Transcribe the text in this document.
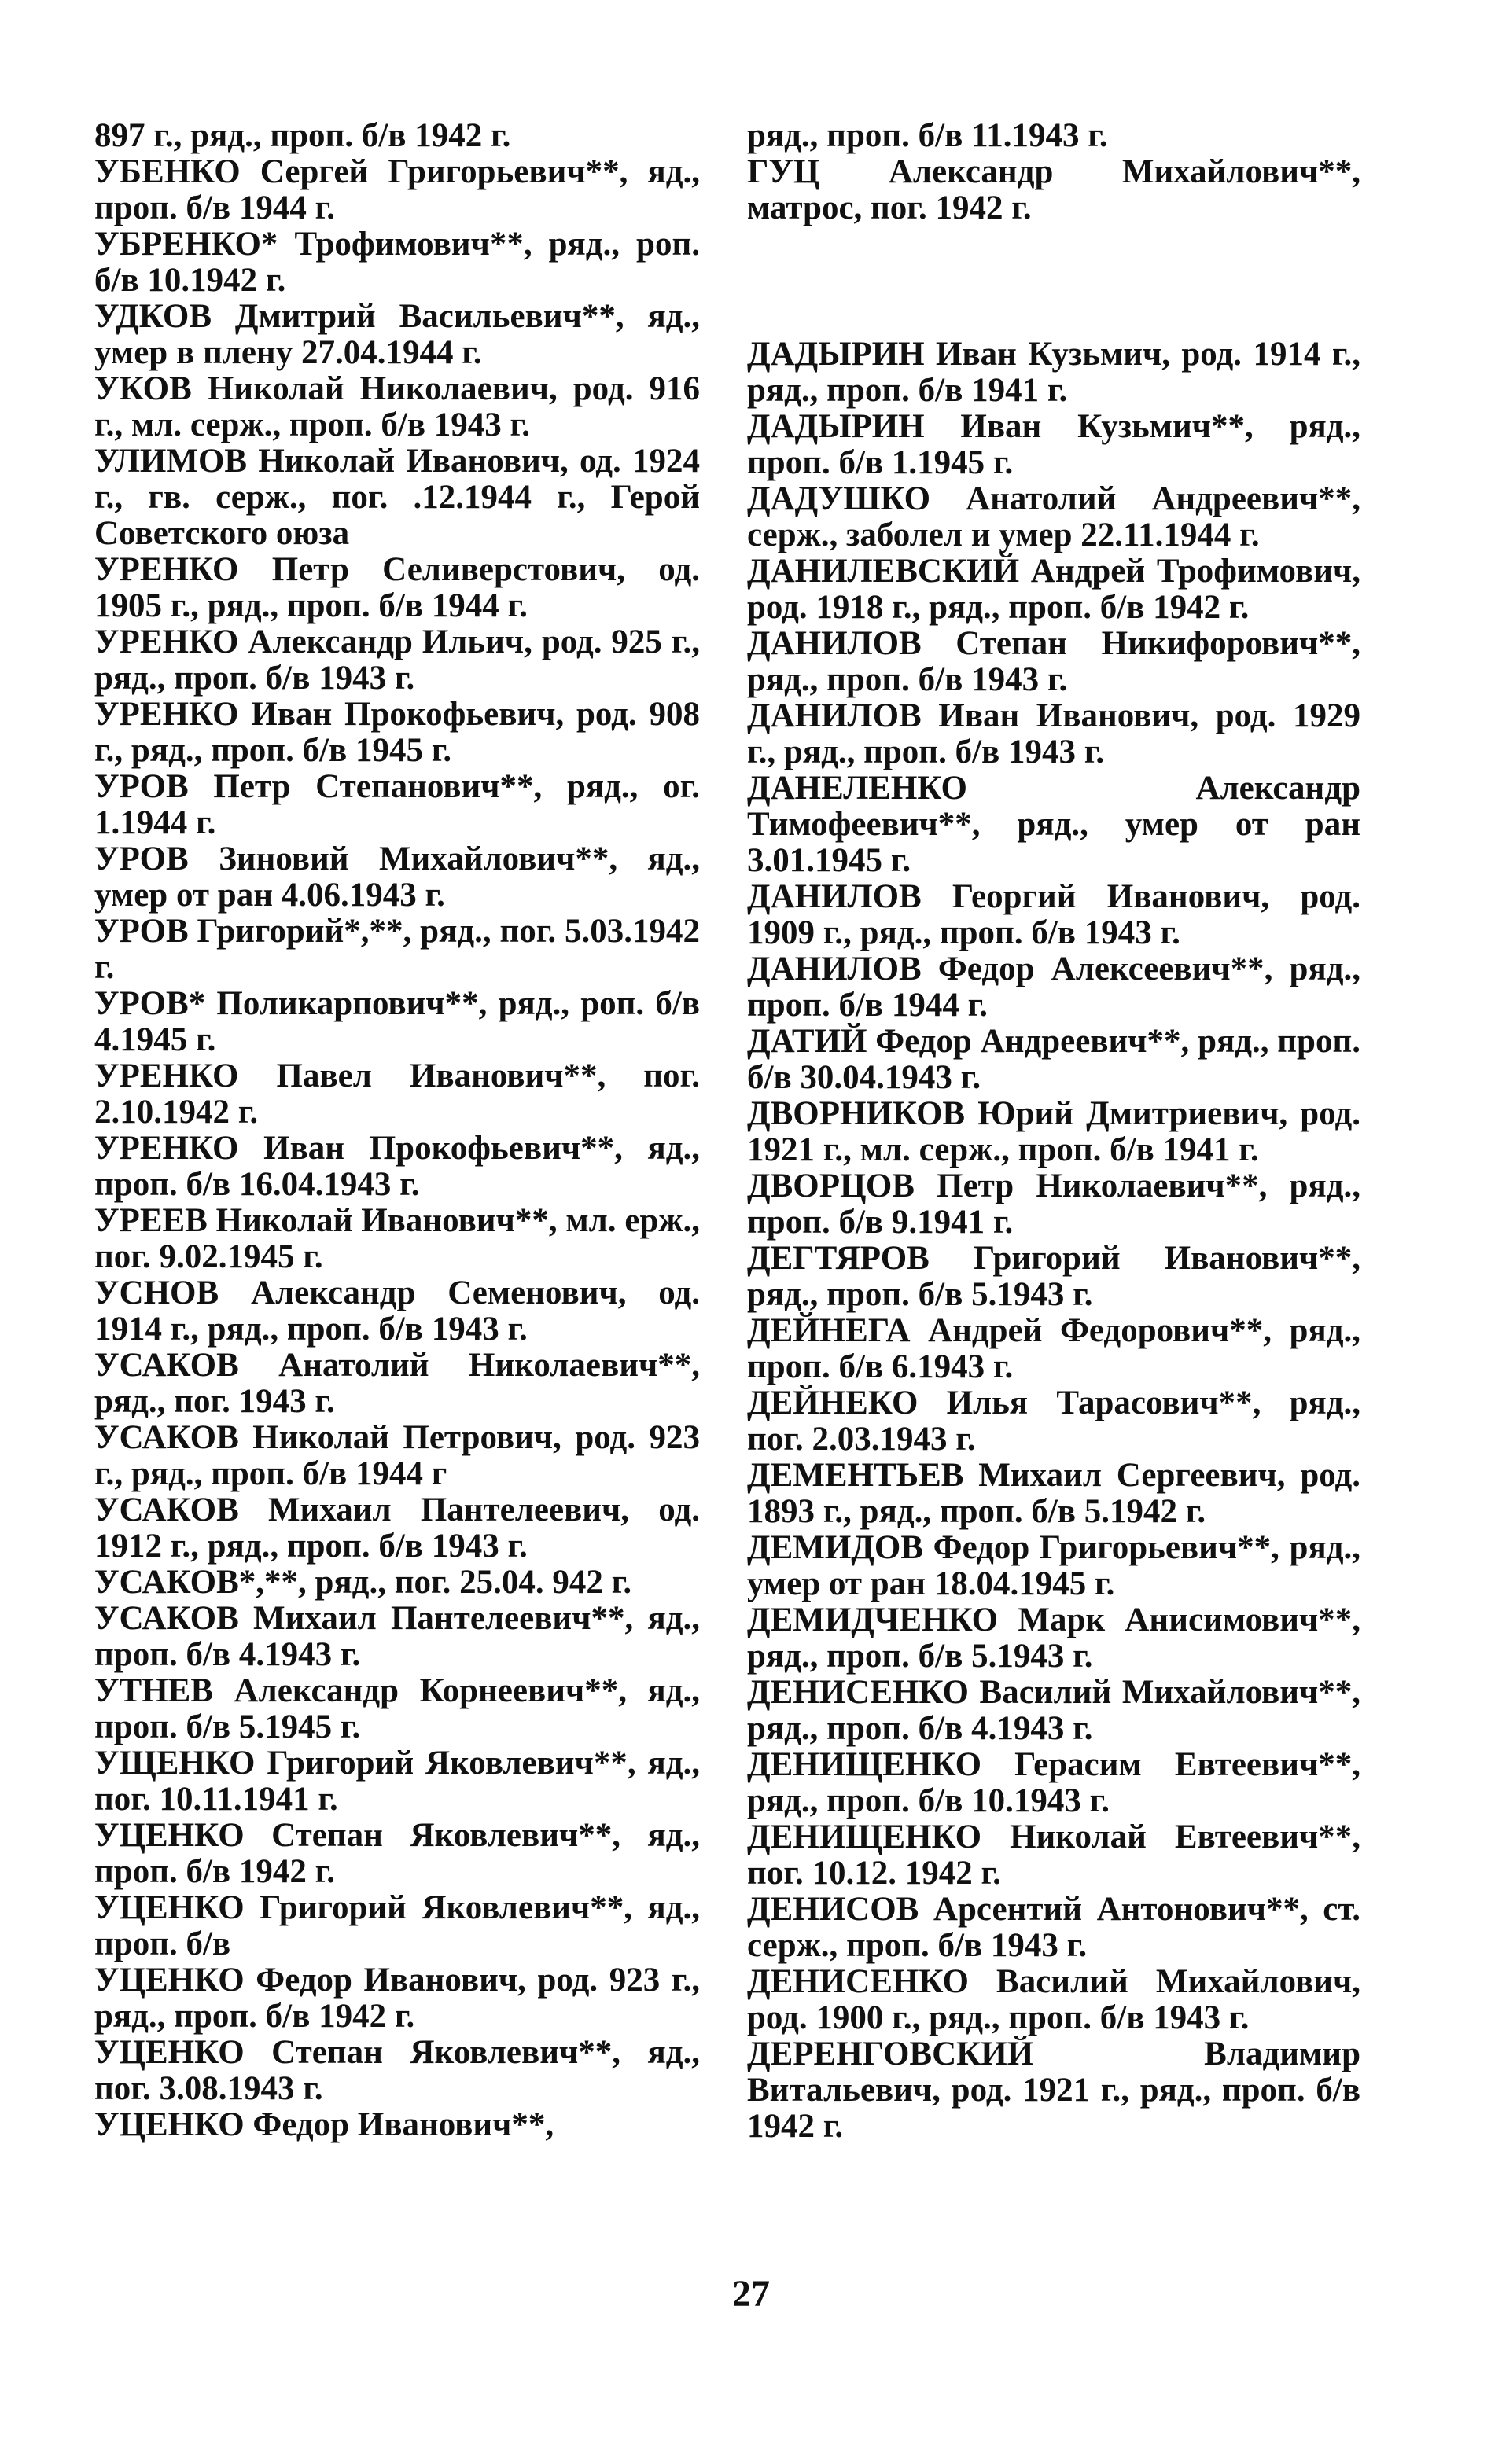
897 г., ряд., проп. б/в 1942 г.

УБЕНКО Сергей Григорьевич**, яд., проп. б/в 1944 г.

УБРЕНКО* Трофимович**, ряд., роп. б/в 10.1942 г.

УДКОВ Дмитрий Васильевич**, яд., умер в плену 27.04.1944 г.

УКОВ Николай Николаевич, род. 916 г., мл. серж., проп. б/в 1943 г.

УЛИМОВ Николай Иванович, од. 1924 г., гв. серж., пог. .12.1944 г., Герой Советского оюза

УРЕНКО Петр Селиверстович, од. 1905 г., ряд., проп. б/в 1944 г.

УРЕНКО Александр Ильич, род. 925 г., ряд., проп. б/в 1943 г.

УРЕНКО Иван Прокофьевич, род. 908 г., ряд., проп. б/в 1945 г.

УРОВ Петр Степанович**, ряд., ог. 1.1944 г.

УРОВ Зиновий Михайлович**, яд., умер от ран 4.06.1943 г.

УРОВ Григорий*,**, ряд., пог. 5.03.1942 г.

УРОВ* Поликарпович**, ряд., роп. б/в 4.1945 г.

УРЕНКО Павел Иванович**, пог. 2.10.1942 г.

УРЕНКО Иван Прокофьевич**, яд., проп. б/в 16.04.1943 г.

УРЕЕВ Николай Иванович**, мл. ерж., пог. 9.02.1945 г.

УСНОВ Александр Семенович, од. 1914 г., ряд., проп. б/в 1943 г.

УСАКОВ Анатолий Николаевич**, ряд., пог. 1943 г.

УСАКОВ Николай Петрович, род. 923 г., ряд., проп. б/в 1944 г

УСАКОВ Михаил Пантелеевич, од. 1912 г., ряд., проп. б/в 1943 г.

УСАКОВ*,**, ряд., пог. 25.04. 942 г.

УСАКОВ Михаил Пантелеевич**, яд., проп. б/в 4.1943 г.

УТНЕВ Александр Корнеевич**, яд., проп. б/в 5.1945 г.

УЩЕНКО Григорий Яковлевич**, яд., пог. 10.11.1941 г.

УЦЕНКО Степан Яковлевич**, яд., проп. б/в 1942 г.

УЦЕНКО Григорий Яковлевич**, яд., проп. б/в

УЦЕНКО Федор Иванович, род. 923 г., ряд., проп. б/в 1942 г.

УЦЕНКО Степан Яковлевич**, яд., пог. 3.08.1943 г.

УЦЕНКО Федор Иванович**,

ряд., проп. б/в 11.1943 г.

ГУЦ Александр Михайлович**, матрос, пог. 1942 г.

ДАДЫРИН Иван Кузьмич, род. 1914 г., ряд., проп. б/в 1941 г.

ДАДЫРИН Иван Кузьмич**, ряд., проп. б/в 1.1945 г.

ДАДУШКО Анатолий Андреевич**, серж., заболел и умер 22.11.1944 г.

ДАНИЛЕВСКИЙ Андрей Трофимович, род. 1918 г., ряд., проп. б/в 1942 г.

ДАНИЛОВ Степан Никифорович**, ряд., проп. б/в 1943 г.

ДАНИЛОВ Иван Иванович, род. 1929 г., ряд., проп. б/в 1943 г.

ДАНЕЛЕНКО Александр Тимофеевич**, ряд., умер от ран 3.01.1945 г.

ДАНИЛОВ Георгий Иванович, род. 1909 г., ряд., проп. б/в 1943 г.

ДАНИЛОВ Федор Алексеевич**, ряд., проп. б/в 1944 г.

ДАТИЙ Федор Андреевич**, ряд., проп. б/в 30.04.1943 г.

ДВОРНИКОВ Юрий Дмитриевич, род. 1921 г., мл. серж., проп. б/в 1941 г.

ДВОРЦОВ Петр Николаевич**, ряд., проп. б/в 9.1941 г.

ДЕГТЯРОВ Григорий Иванович**, ряд., проп. б/в 5.1943 г.

ДЕЙНЕГА Андрей Федорович**, ряд., проп. б/в 6.1943 г.

ДЕЙНЕКО Илья Тарасович**, ряд., пог. 2.03.1943 г.

ДЕМЕНТЬЕВ Михаил Сергеевич, род. 1893 г., ряд., проп. б/в 5.1942 г.

ДЕМИДОВ Федор Григорьевич**, ряд., умер от ран 18.04.1945 г.

ДЕМИДЧЕНКО Марк Анисимович**, ряд., проп. б/в 5.1943 г.

ДЕНИСЕНКО Василий Михайлович**, ряд., проп. б/в 4.1943 г.

ДЕНИЩЕНКО Герасим Евтеевич**, ряд., проп. б/в 10.1943 г.

ДЕНИЩЕНКО Николай Евтеевич**, пог. 10.12. 1942 г.

ДЕНИСОВ Арсентий Антонович**, ст. серж., проп. б/в 1943 г.

ДЕНИСЕНКО Василий Михайлович, род. 1900 г., ряд., проп. б/в 1943 г.

ДЕРЕНГОВСКИЙ Владимир Витальевич, род. 1921 г., ряд., проп. б/в 1942 г.

27
